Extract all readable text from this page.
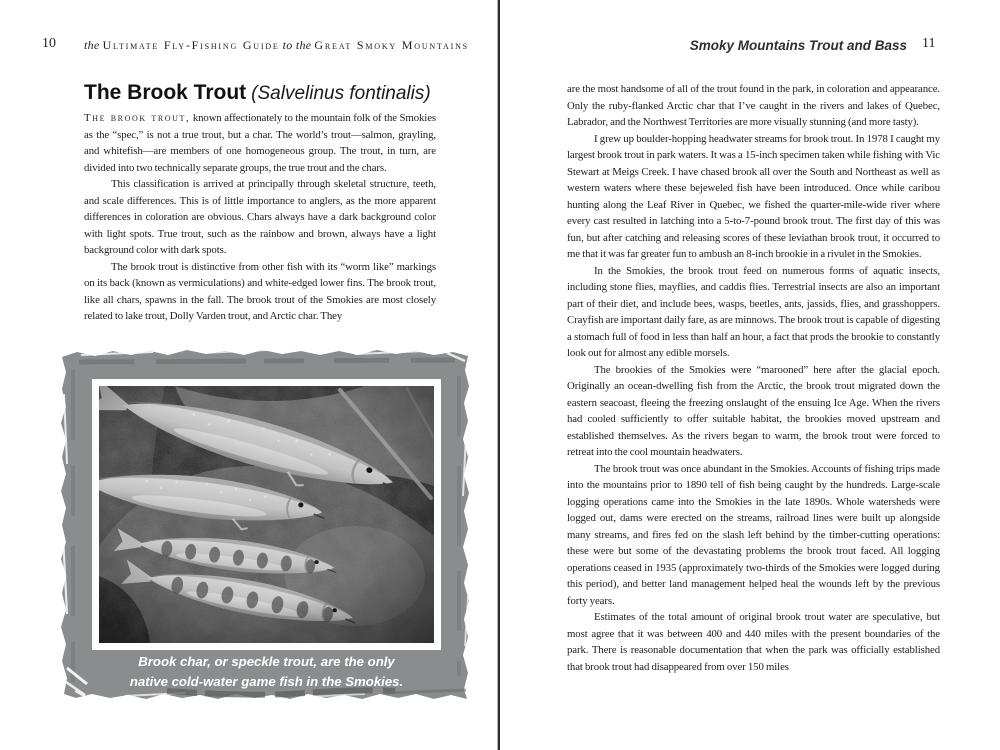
10 the Ultimate Fly-Fishing Guide to the Great Smoky Mountains
The Brook Trout (Salvelinus fontinalis)

The brook trout, known affectionately to the mountain folk of the Smokies as the “spec,” is not a true trout, but a char. The world’s trout—salmon, grayling, and whitefish—are members of one homogeneous group. The trout, in turn, are divided into two technically separate groups, the true trout and the chars.

This classification is arrived at principally through skeletal structure, teeth, and scale differences. This is of little importance to anglers, as the more apparent differences in coloration are obvious. Chars always have a dark background color with light spots. True trout, such as the rainbow and brown, always have a light background color with dark spots.

The brook trout is distinctive from other fish with its “worm like” markings on its back (known as vermiculations) and white-edged lower fins. The brook trout, like all chars, spawns in the fall. The brook trout of the Smokies are most closely related to lake trout, Dolly Varden trout, and Arctic char. They

Brook char, or speckle trout, are the only
native cold-water game fish in the Smokies.
Smoky Mountains Trout and Bass 11

are the most handsome of all of the trout found in the park, in coloration and appearance. Only the ruby-flanked Arctic char that I’ve caught in the rivers and lakes of Quebec, Labrador, and the Northwest Territories are more visually stunning (and more tasty).

I grew up boulder-hopping headwater streams for brook trout. In 1978 I caught my largest brook trout in park waters. It was a 15-inch specimen taken while fishing with Vic Stewart at Meigs Creek. I have chased brook all over the South and Northeast as well as western waters where these bejeweled fish have been introduced. Once while caribou hunting along the Leaf River in Quebec, we fished the quarter-mile-wide river where every cast resulted in latching into a 5-to-7-pound brook trout. The first day of this was fun, but after catching and releasing scores of these leviathan brook trout, it occurred to me that it was far greater fun to ambush an 8-inch brookie in a rivulet in the Smokies.

In the Smokies, the brook trout feed on numerous forms of aquatic insects, including stone flies, mayflies, and caddis flies. Terrestrial insects are also an important part of their diet, and include bees, wasps, beetles, ants, jassids, flies, and grasshoppers. Crayfish are important daily fare, as are minnows. The brook trout is capable of digesting a stomach full of food in less than half an hour, a fact that prods the brookie to constantly look out for almost any edible morsels.

The brookies of the Smokies were “marooned” here after the glacial epoch. Originally an ocean-dwelling fish from the Arctic, the brook trout migrated down the eastern seacoast, fleeing the freezing onslaught of the ensuing Ice Age. When the rivers had cooled sufficiently to offer suitable habitat, the brookies moved upstream and established themselves. As the rivers began to warm, the brook trout were forced to retreat into the cool mountain headwaters.

The brook trout was once abundant in the Smokies. Accounts of fishing trips made into the mountains prior to 1890 tell of fish being caught by the hundreds. Large-scale logging operations came into the Smokies in the late 1890s. Whole watersheds were logged out, dams were erected on the streams, railroad lines were built up alongside many streams, and fires fed on the slash left behind by the timber-cutting operations: these were but some of the devastating problems the brook trout faced. All logging operations ceased in 1935 (approximately two-thirds of the Smokies were logged during this period), and better land management helped heal the wounds left by the previous forty years.

Estimates of the total amount of original brook trout water are speculative, but most agree that it was between 400 and 440 miles with the present boundaries of the park. There is reasonable documentation that when the park was officially established that brook trout had disappeared from over 150 miles
